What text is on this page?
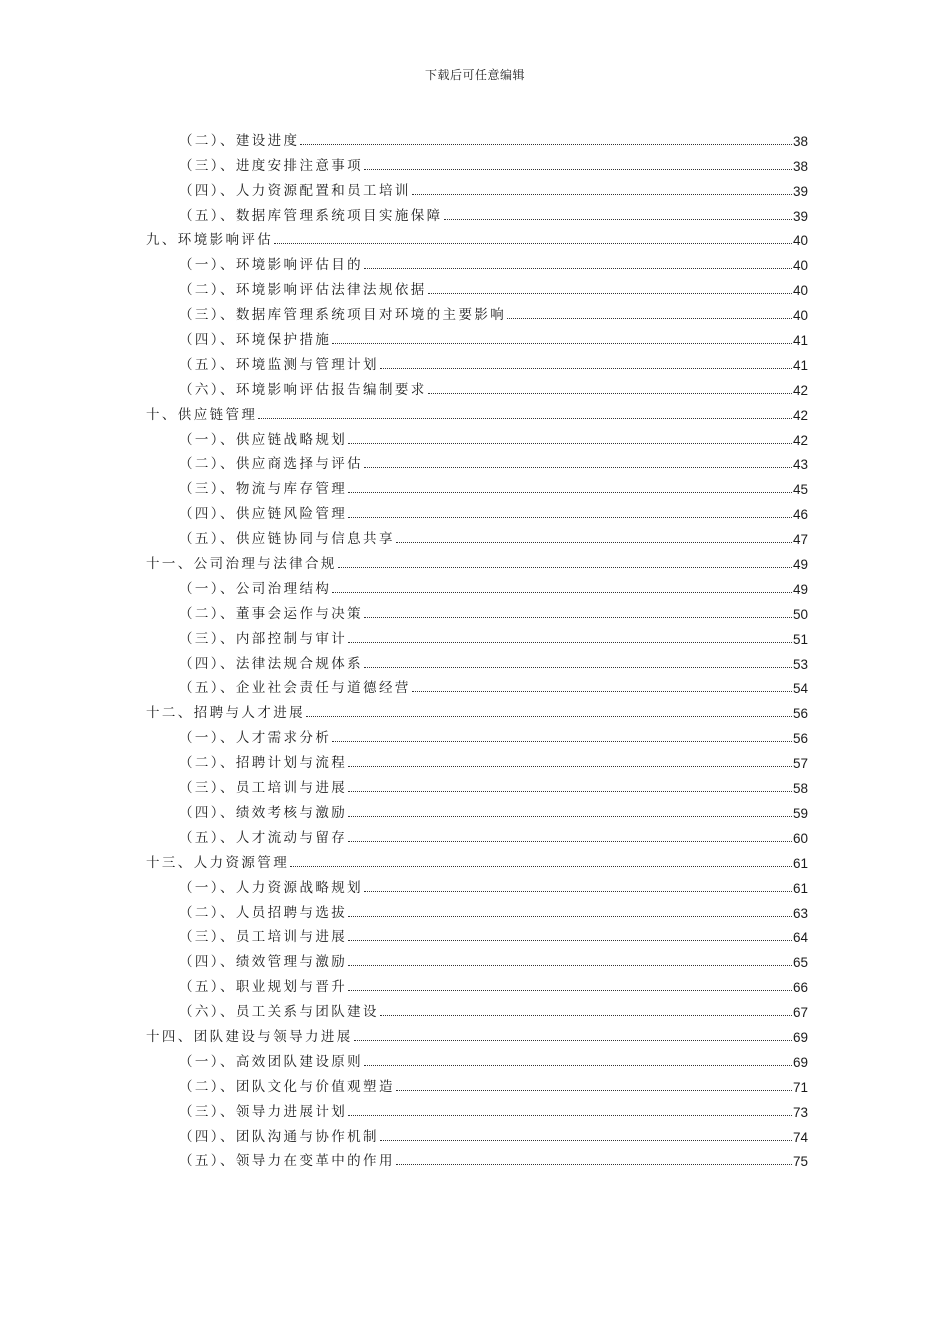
下载后可任意编辑
（二）、建设进度	38
（三）、进度安排注意事项	38
（四）、人力资源配置和员工培训	39
（五）、数据库管理系统项目实施保障	39
九、环境影响评估	40
（一）、环境影响评估目的	40
（二）、环境影响评估法律法规依据	40
（三）、数据库管理系统项目对环境的主要影响	40
（四）、环境保护措施	41
（五）、环境监测与管理计划	41
（六）、环境影响评估报告编制要求	42
十、供应链管理	42
（一）、供应链战略规划	42
（二）、供应商选择与评估	43
（三）、物流与库存管理	45
（四）、供应链风险管理	46
（五）、供应链协同与信息共享	47
十一、公司治理与法律合规	49
（一）、公司治理结构	49
（二）、董事会运作与决策	50
（三）、内部控制与审计	51
（四）、法律法规合规体系	53
（五）、企业社会责任与道德经营	54
十二、招聘与人才进展	56
（一）、人才需求分析	56
（二）、招聘计划与流程	57
（三）、员工培训与进展	58
（四）、绩效考核与激励	59
（五）、人才流动与留存	60
十三、人力资源管理	61
（一）、人力资源战略规划	61
（二）、人员招聘与选拔	63
（三）、员工培训与进展	64
（四）、绩效管理与激励	65
（五）、职业规划与晋升	66
（六）、员工关系与团队建设	67
十四、团队建设与领导力进展	69
（一）、高效团队建设原则	69
（二）、团队文化与价值观塑造	71
（三）、领导力进展计划	73
（四）、团队沟通与协作机制	74
（五）、领导力在变革中的作用	75
